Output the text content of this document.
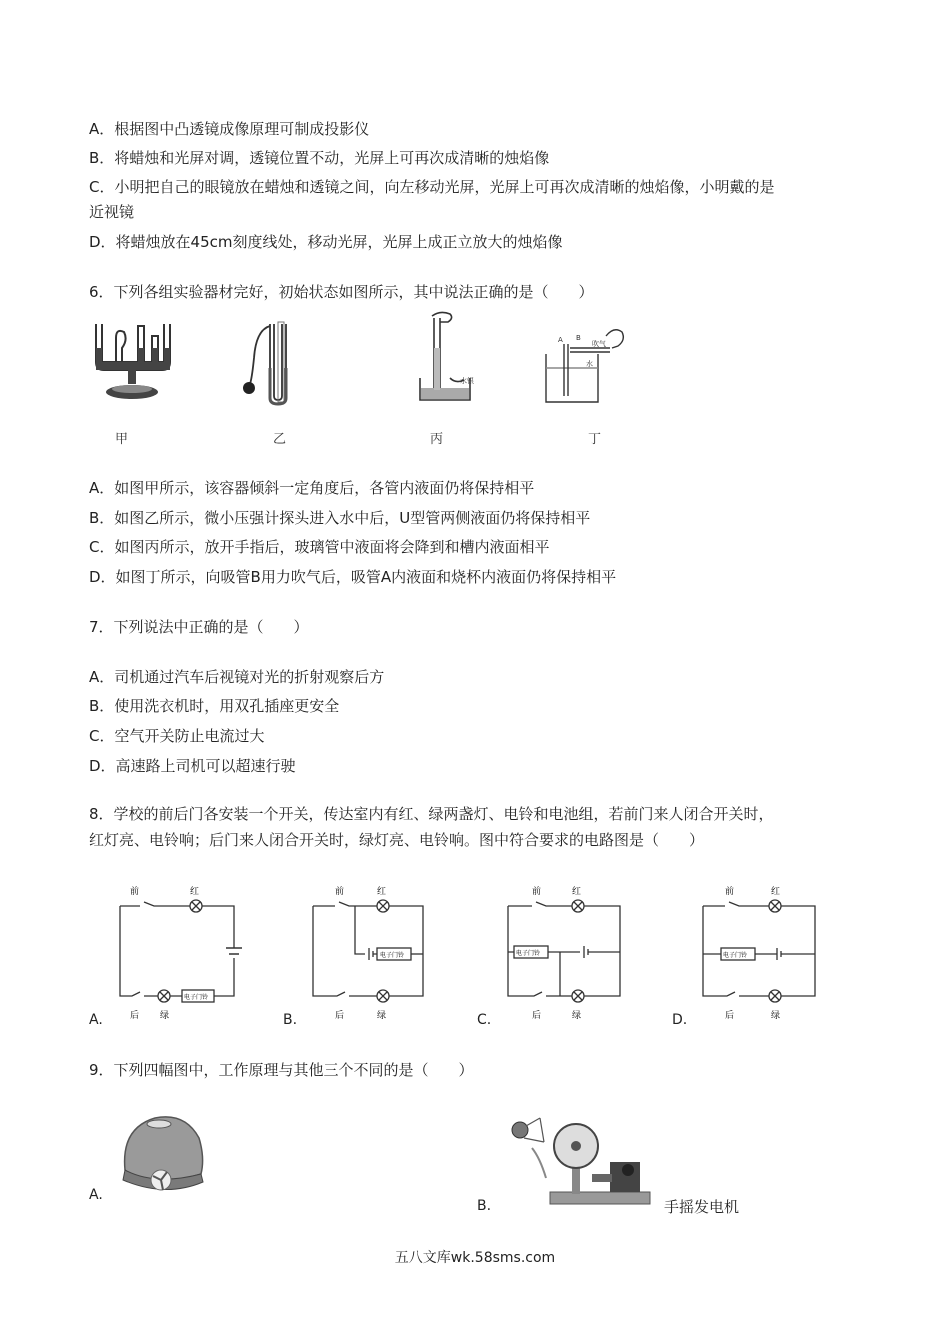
A．根据图中凸透镜成像原理可制成投影仪
B．将蜡烛和光屏对调，透镜位置不动，光屏上可再次成清晰的烛焰像
C．小明把自己的眼镜放在蜡烛和透镜之间，向左移动光屏，光屏上可再次成清晰的烛焰像，小明戴的是
近视镜
D．将蜡烛放在45cm刻度线处，移动光屏，光屏上成正立放大的烛焰像
6．下列各组实验器材完好，初始状态如图所示，其中说法正确的是（　　）
甲	乙
水银
丙
B
A	吹气
水
丁
A．如图甲所示，该容器倾斜一定角度后，各管内液面仍将保持相平
B．如图乙所示，微小压强计探头进入水中后，U型管两侧液面仍将保持相平
C．如图丙所示，放开手指后，玻璃管中液面将会降到和槽内液面相平
D．如图丁所示，向吸管B用力吹气后，吸管A内液面和烧杯内液面仍将保持相平
7．下列说法中正确的是（　　）
A．司机通过汽车后视镜对光的折射观察后方
B．使用洗衣机时，用双孔插座更安全
C．空气开关防止电流过大
D．高速路上司机可以超速行驶
8．学校的前后门各安装一个开关，传达室内有红、绿两盏灯、电铃和电池组，若前门来人闭合开关时，
红灯亮、电铃响；后门来人闭合开关时，绿灯亮、电铃响。图中符合要求的电路图是（　　）
前	红
电子门铃
后 绿
A.
前	红
电子门铃
后	绿
B.
前	红
电子门铃
后	绿
C.
前	红
电子门铃
后	绿
D.
9．下列四幅图中，工作原理与其他三个不同的是（　　）
A.
B.	手摇发电机
五八文库wk.58sms.com
